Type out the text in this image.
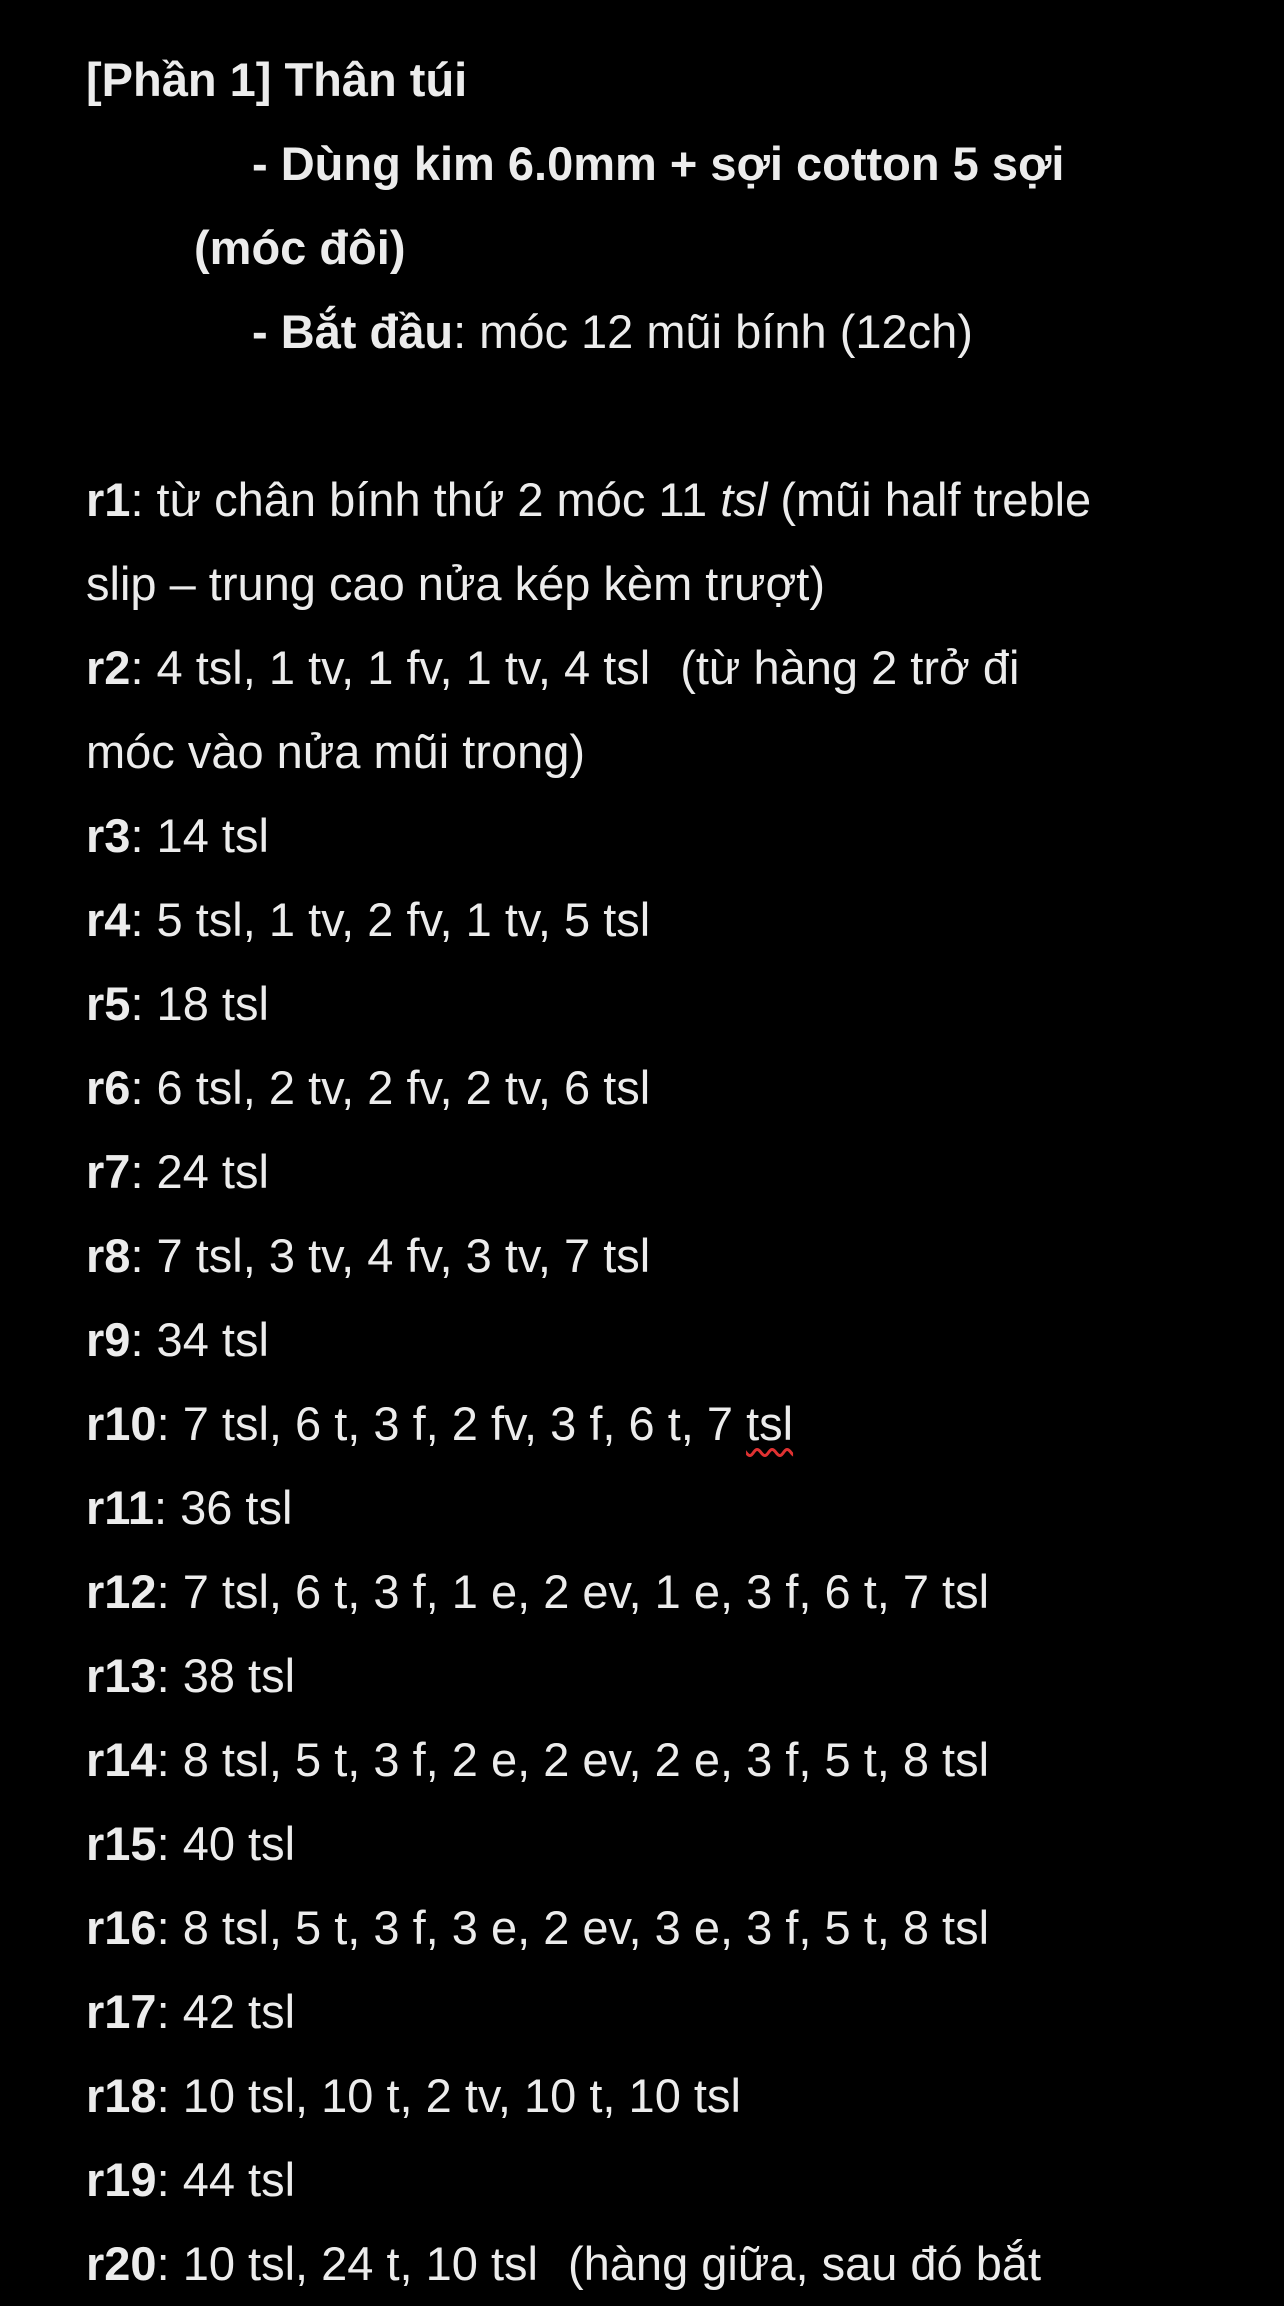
[Phần 1] Thân túi
- Dùng kim 6.0mm + sợi cotton 5 sợi
(móc đôi)
- Bắt đầu: móc 12 mũi bính (12ch)
r1: từ chân bính thứ 2 móc 11 tsl (mũi half treble
slip – trung cao nửa kép kèm trượt)
r2: 4 tsl, 1 tv, 1 fv, 1 tv, 4 tsl (từ hàng 2 trở đi
móc vào nửa mũi trong)
r3: 14 tsl
r4: 5 tsl, 1 tv, 2 fv, 1 tv, 5 tsl
r5: 18 tsl
r6: 6 tsl, 2 tv, 2 fv, 2 tv, 6 tsl
r7: 24 tsl
r8: 7 tsl, 3 tv, 4 fv, 3 tv, 7 tsl
r9: 34 tsl
r10: 7 tsl, 6 t, 3 f, 2 fv, 3 f, 6 t, 7 tsl
r11: 36 tsl
r12: 7 tsl, 6 t, 3 f, 1 e, 2 ev, 1 e, 3 f, 6 t, 7 tsl
r13: 38 tsl
r14: 8 tsl, 5 t, 3 f, 2 e, 2 ev, 2 e, 3 f, 5 t, 8 tsl
r15: 40 tsl
r16: 8 tsl, 5 t, 3 f, 3 e, 2 ev, 3 e, 3 f, 5 t, 8 tsl
r17: 42 tsl
r18: 10 tsl, 10 t, 2 tv, 10 t, 10 tsl
r19: 44 tsl
r20: 10 tsl, 24 t, 10 tsl (hàng giữa, sau đó bắt
